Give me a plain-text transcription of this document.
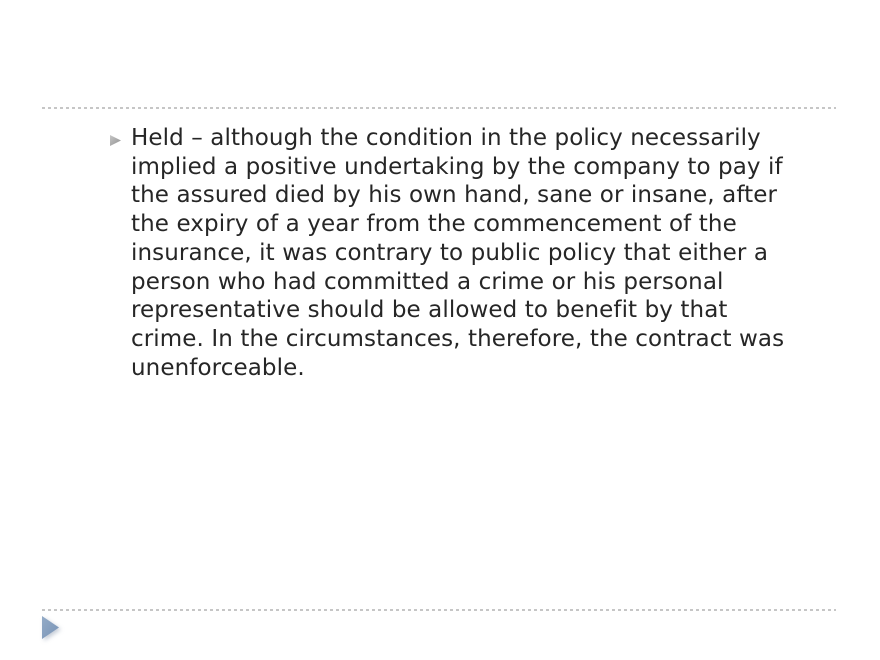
Held – although the condition in the policy necessarily
implied a positive undertaking by the company to pay if
the assured died by his own hand, sane or insane, after
the expiry of a year from the commencement of the
insurance, it was contrary to public policy that either a
person who had committed a crime or his personal
representative should be allowed to benefit by that
crime. In the circumstances, therefore, the contract was
unenforceable.
